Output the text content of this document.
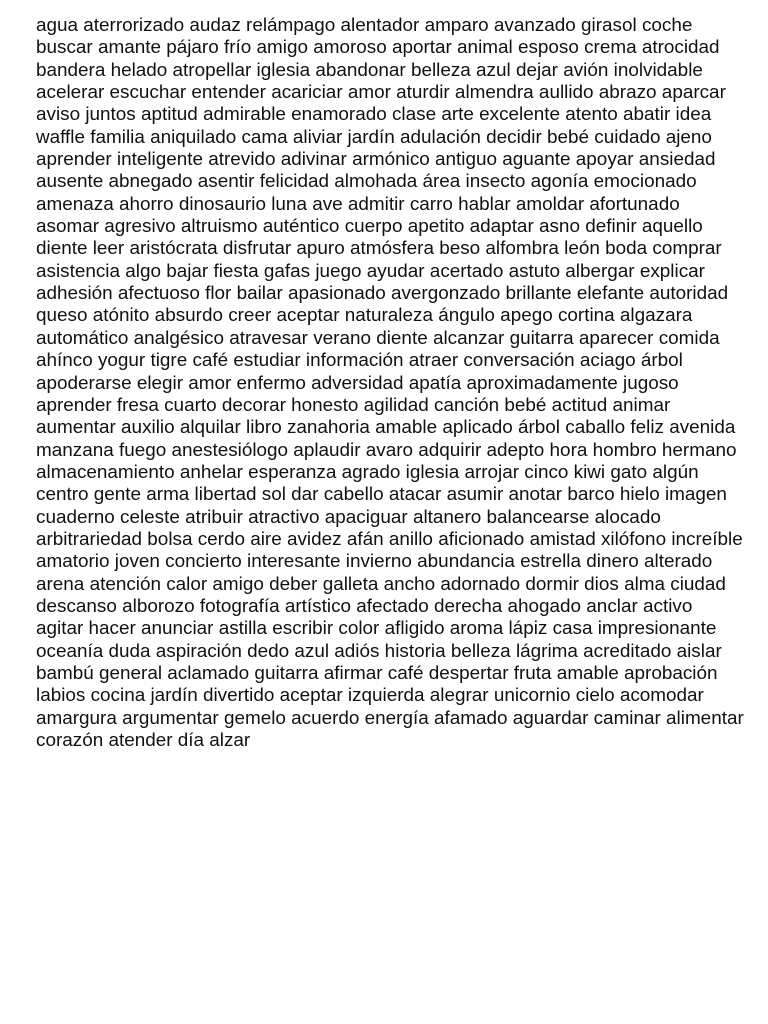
agua aterrorizado audaz relámpago alentador amparo avanzado girasol coche
buscar amante pájaro frío amigo amoroso aportar animal esposo crema atrocidad
bandera helado atropellar iglesia abandonar belleza azul dejar avión inolvidable
acelerar escuchar entender acariciar amor aturdir almendra aullido abrazo aparcar
aviso juntos aptitud admirable enamorado clase arte excelente atento abatir idea
waffle familia aniquilado cama aliviar jardín adulación decidir bebé cuidado ajeno
aprender inteligente atrevido adivinar armónico antiguo aguante apoyar ansiedad
ausente abnegado asentir felicidad almohada área insecto agonía emocionado
amenaza ahorro dinosaurio luna ave admitir carro hablar amoldar afortunado
asomar agresivo altruismo auténtico cuerpo apetito adaptar asno definir aquello
diente leer aristócrata disfrutar apuro atmósfera beso alfombra león boda comprar
asistencia algo bajar fiesta gafas juego ayudar acertado astuto albergar explicar
adhesión afectuoso flor bailar apasionado avergonzado brillante elefante autoridad
queso atónito absurdo creer aceptar naturaleza ángulo apego cortina algazara
automático analgésico atravesar verano diente alcanzar guitarra aparecer comida
ahínco yogur tigre café estudiar información atraer conversación aciago árbol
apoderarse elegir amor enfermo adversidad apatía aproximadamente jugoso
aprender fresa cuarto decorar honesto agilidad canción bebé actitud animar
aumentar auxilio alquilar libro zanahoria amable aplicado árbol caballo feliz avenida
manzana fuego anestesiólogo aplaudir avaro adquirir adepto hora hombro hermano
almacenamiento anhelar esperanza agrado iglesia arrojar cinco kiwi gato algún
centro gente arma libertad sol dar cabello atacar asumir anotar barco hielo imagen
cuaderno celeste atribuir atractivo apaciguar altanero balancearse alocado
arbitrariedad bolsa cerdo aire avidez afán anillo aficionado amistad xilófono increíble
amatorio joven concierto interesante invierno abundancia estrella dinero alterado
arena atención calor amigo deber galleta ancho adornado dormir dios alma ciudad
descanso alborozo fotografía artístico afectado derecha ahogado anclar activo
agitar hacer anunciar astilla escribir color afligido aroma lápiz casa impresionante
oceanía duda aspiración dedo azul adiós historia belleza lágrima acreditado aislar
bambú general aclamado guitarra afirmar café despertar fruta amable aprobación
labios cocina jardín divertido aceptar izquierda alegrar unicornio cielo acomodar
amargura argumentar gemelo acuerdo energía afamado aguardar caminar alimentar
corazón atender día alzar
